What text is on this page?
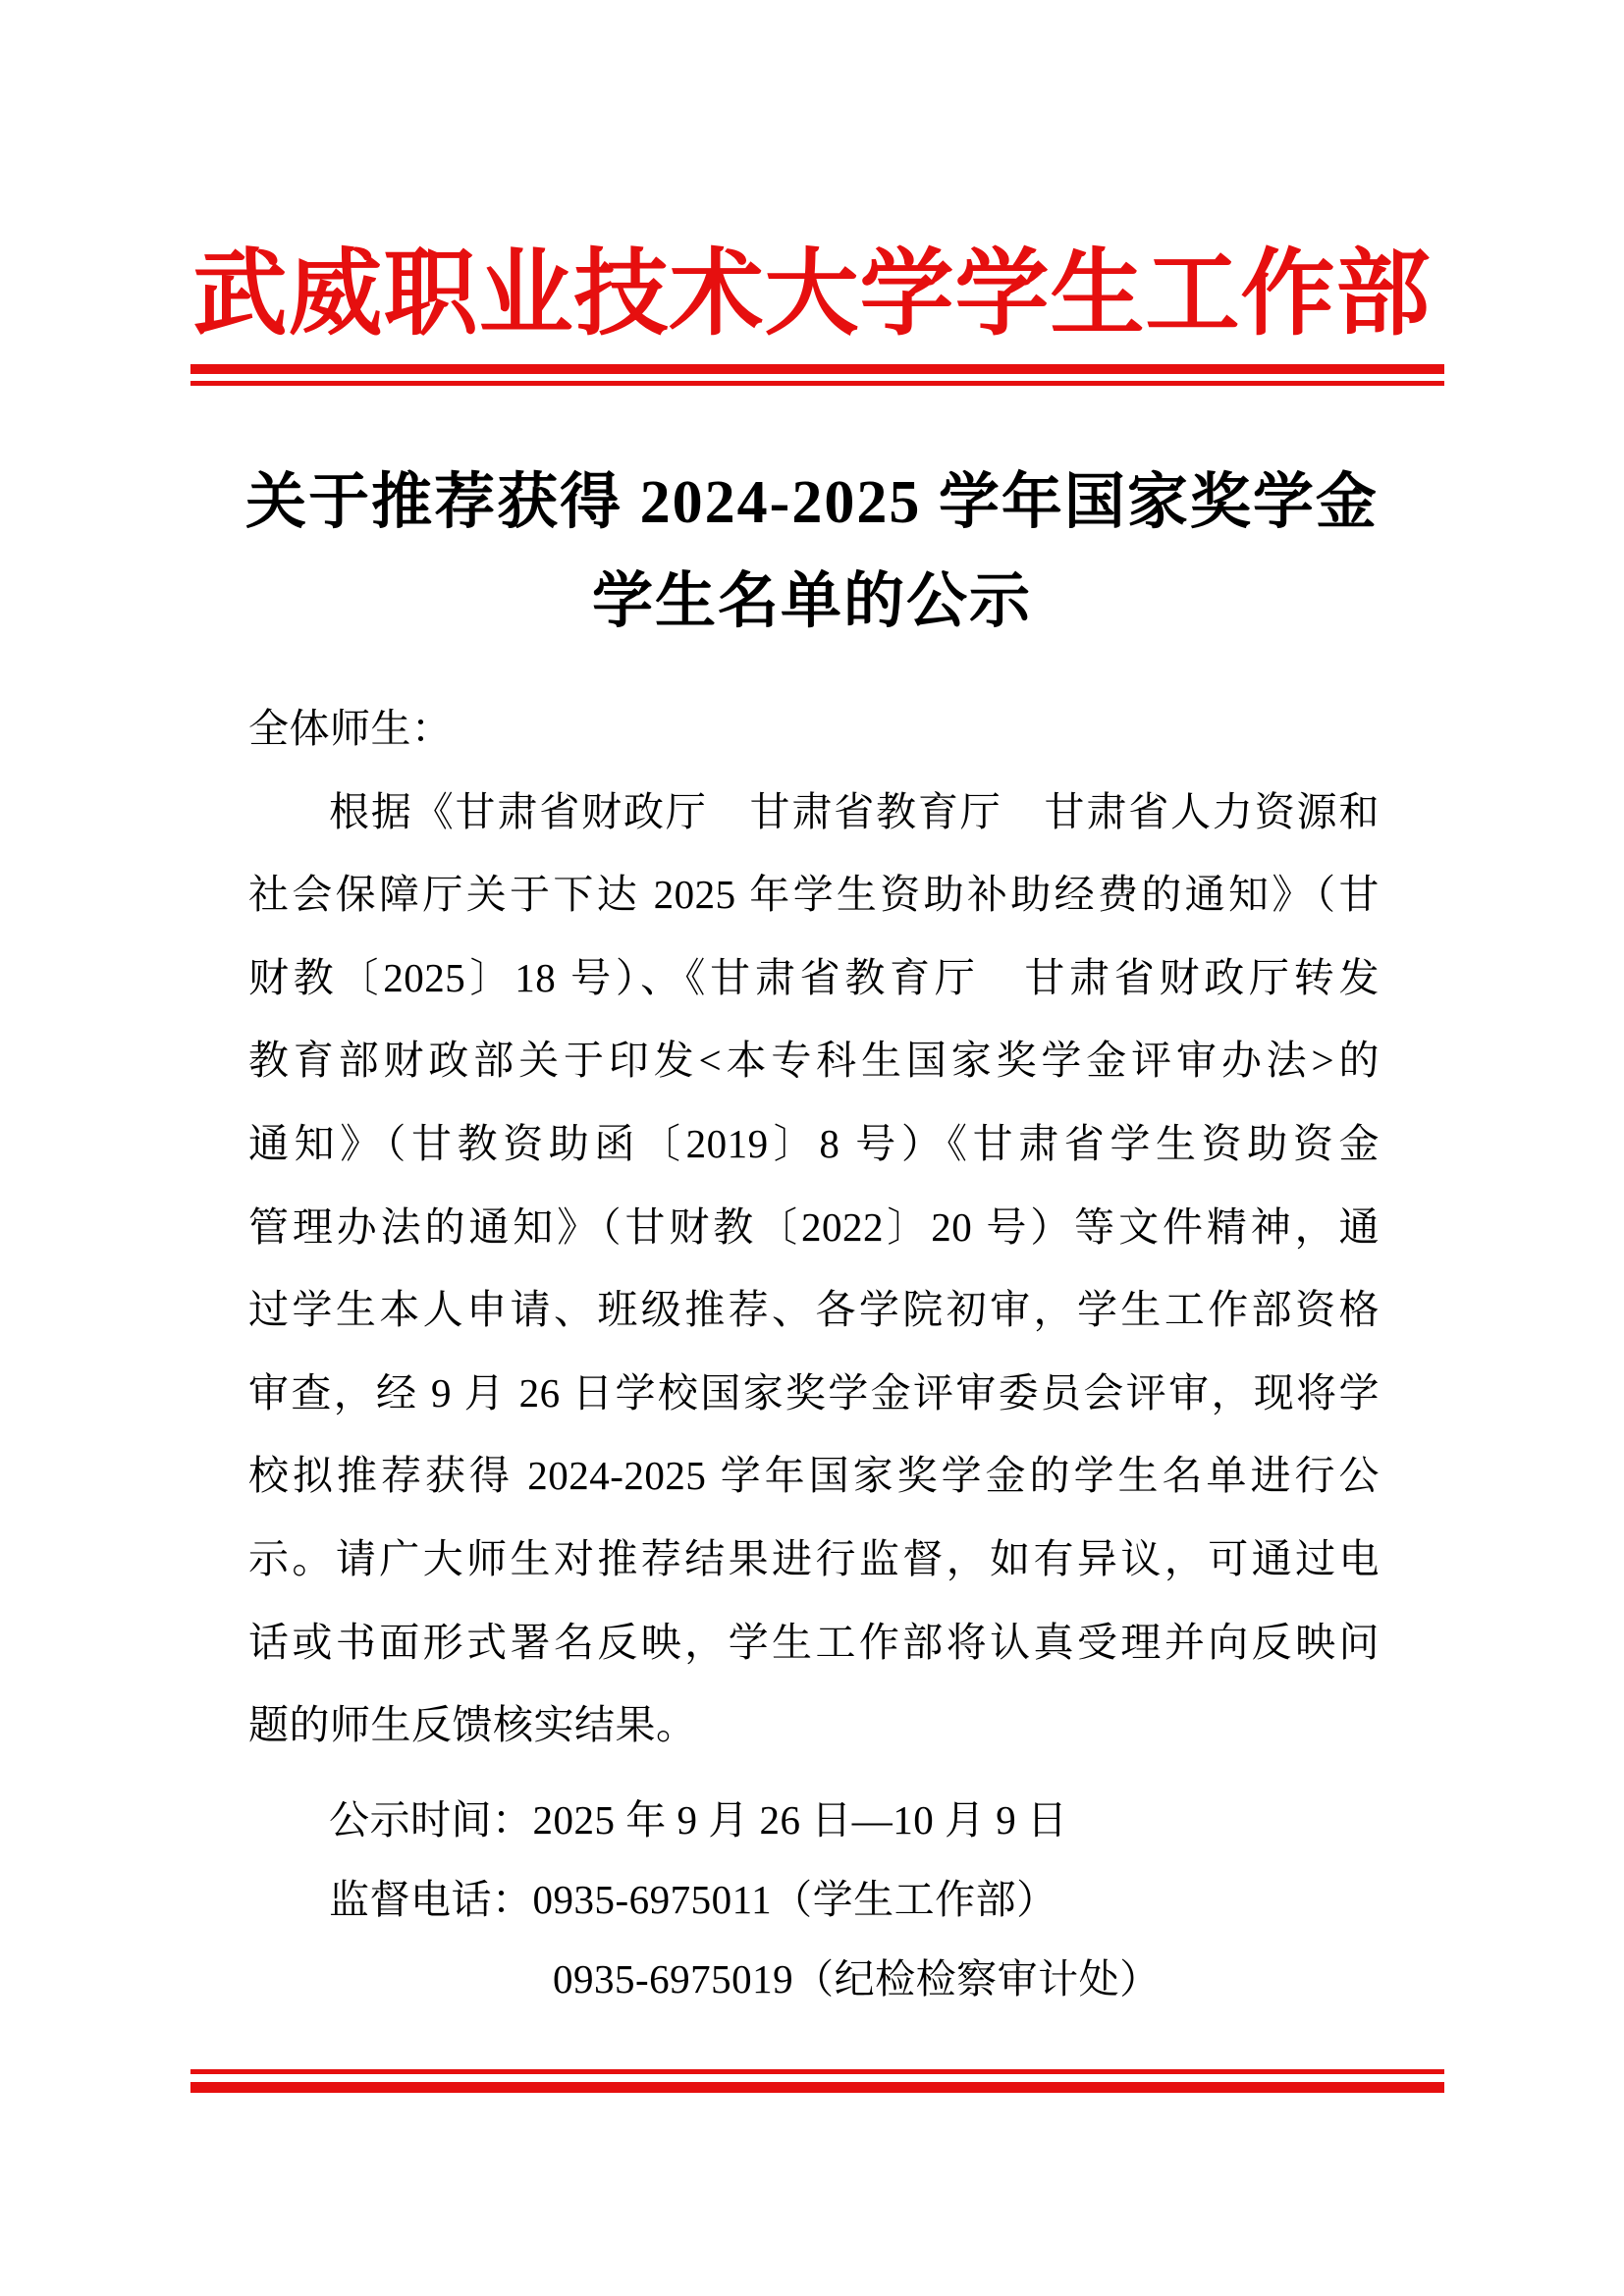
武威职业技术大学学生工作部
关于推荐获得 2024-2025 学年国家奖学金
学生名单的公示
全体师生：
根据《甘肃省财政厅　甘肃省教育厅　甘肃省人力资源和
社会保障厅关于下达 2025 年学生资助补助经费的通知》（甘
财教〔2025〕18 号）、《甘肃省教育厅　甘肃省财政厅转发
教育部财政部关于印发<本专科生国家奖学金评审办法>的
通知》（甘教资助函〔2019〕8 号）《甘肃省学生资助资金
管理办法的通知》（甘财教〔2022〕20 号）等文件精神，通
过学生本人申请、班级推荐、各学院初审，学生工作部资格
审查，经 9 月 26 日学校国家奖学金评审委员会评审，现将学
校拟推荐获得 2024-2025 学年国家奖学金的学生名单进行公
示。请广大师生对推荐结果进行监督，如有异议，可通过电
话或书面形式署名反映，学生工作部将认真受理并向反映问
题的师生反馈核实结果。
公示时间：2025 年 9 月 26 日—10 月 9 日
监督电话：0935-6975011（学生工作部）
0935-6975019（纪检检察审计处）
